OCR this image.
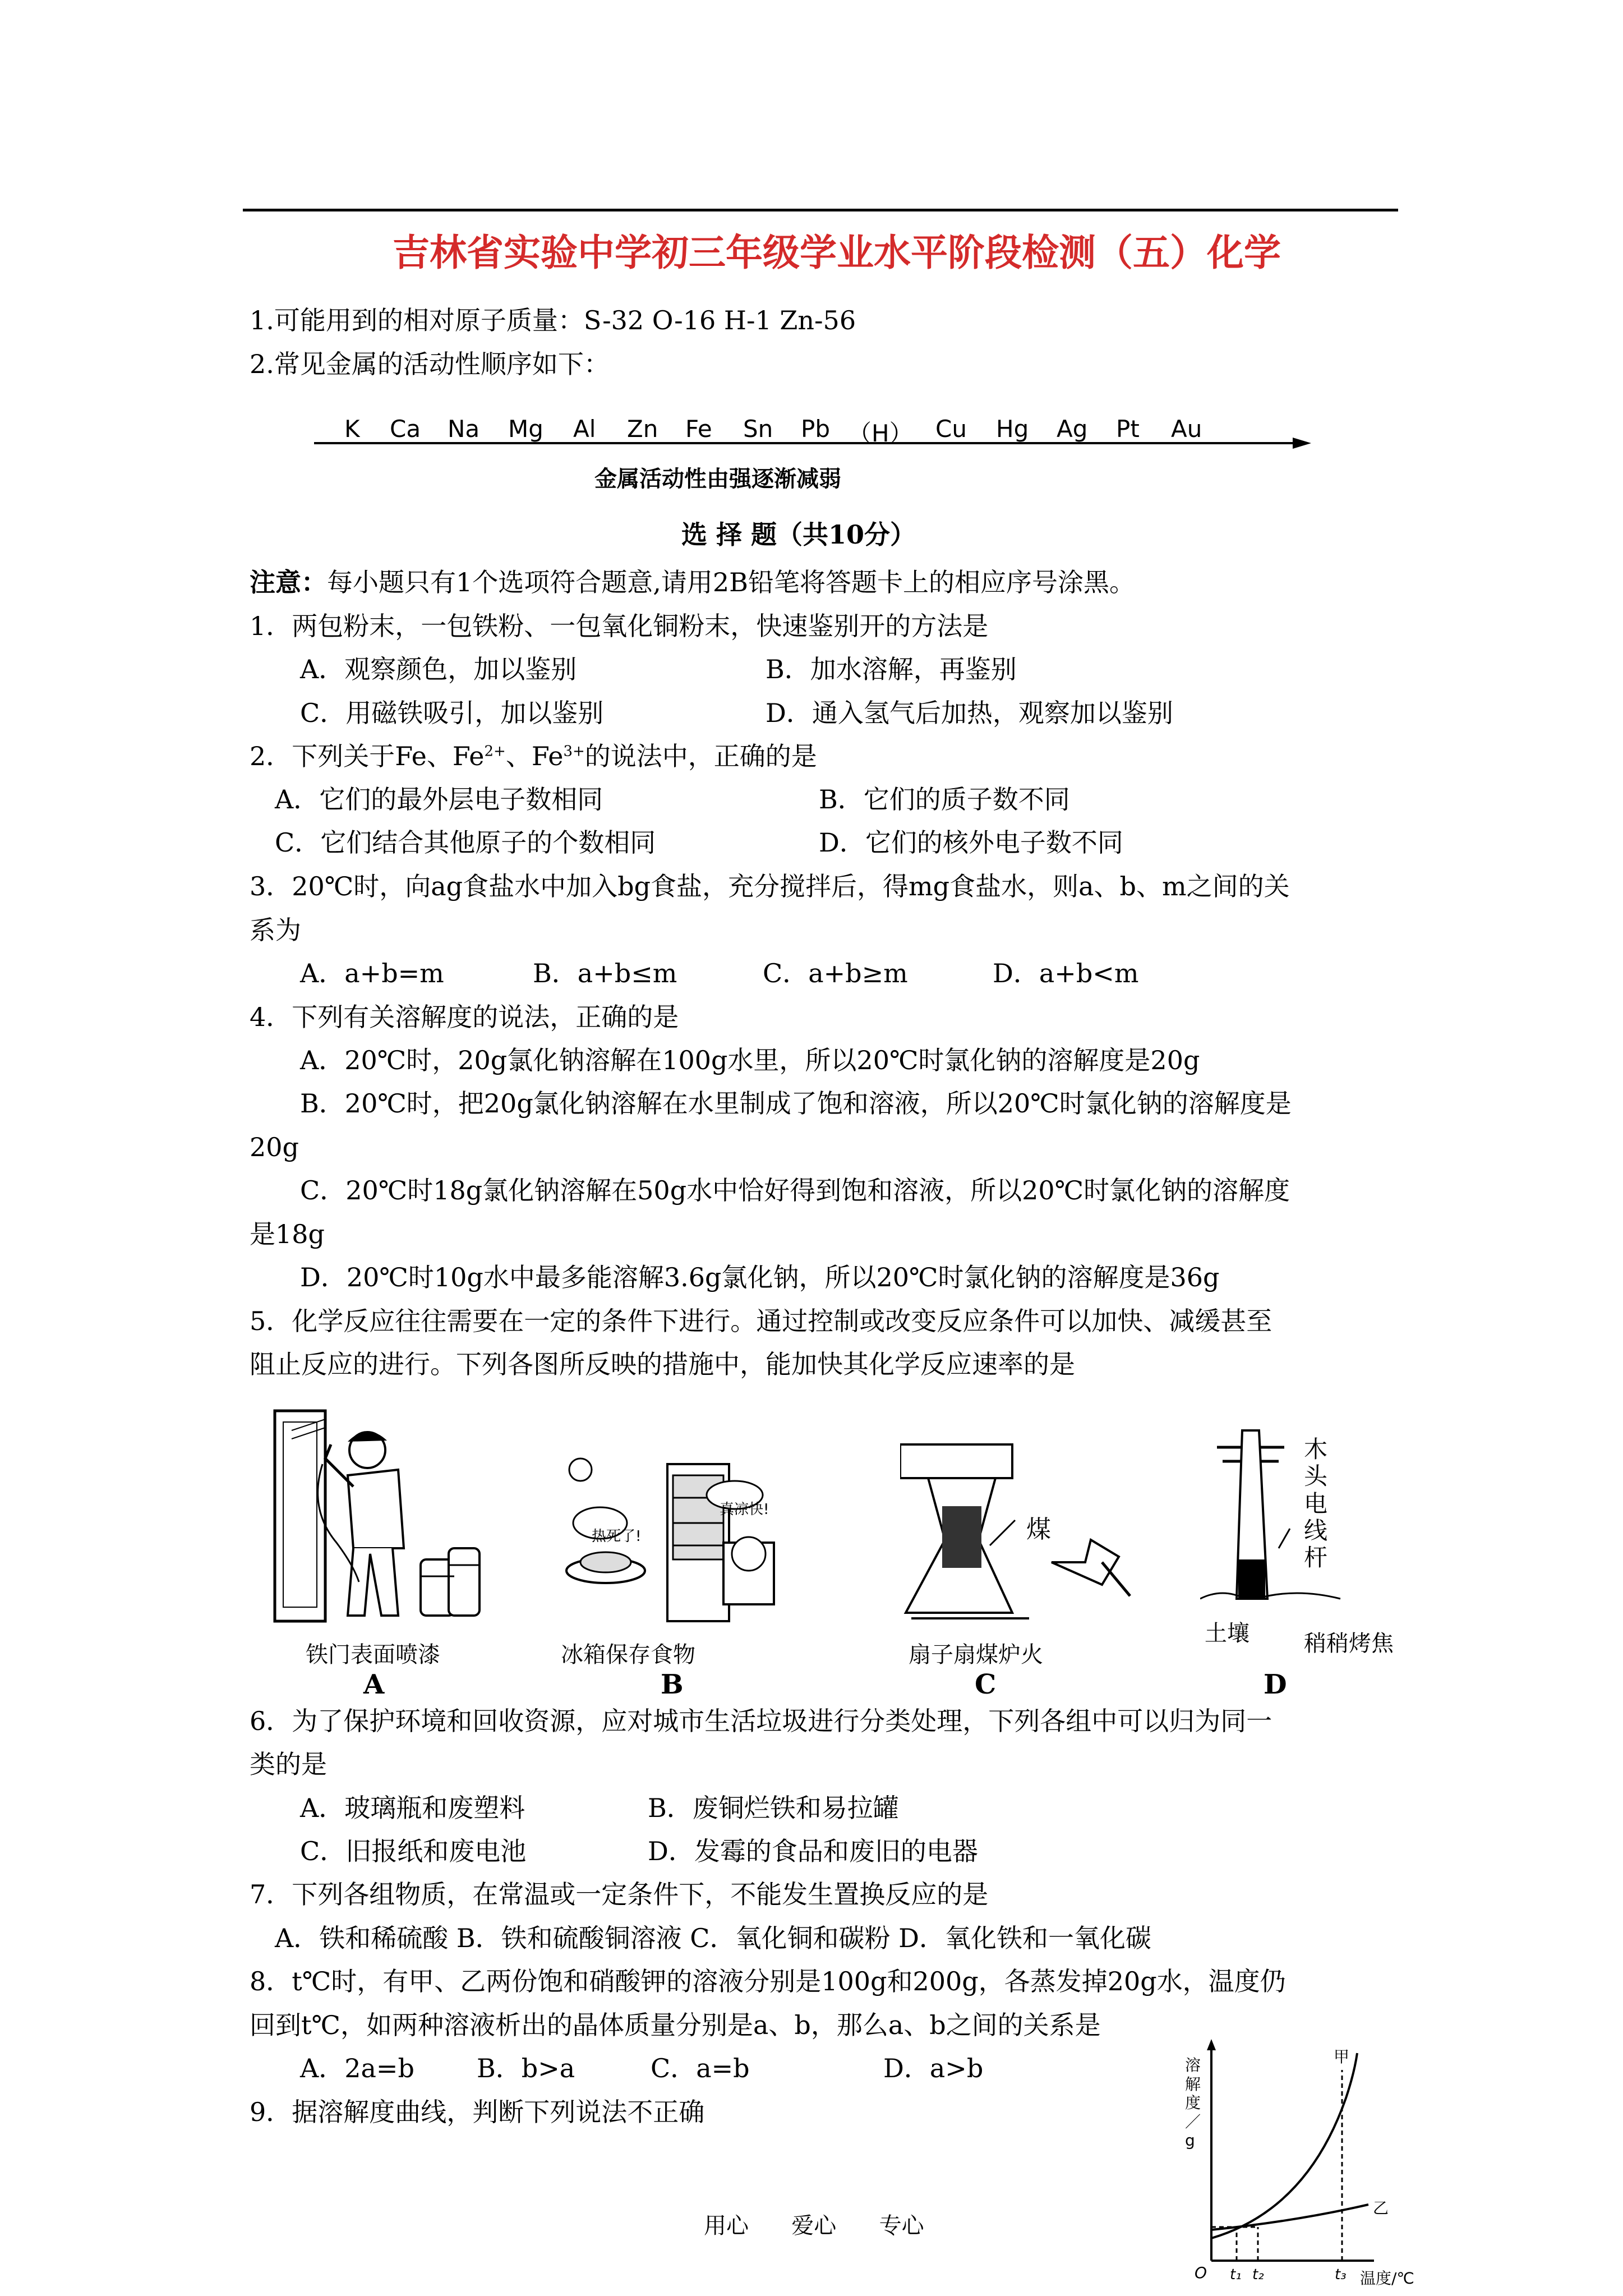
吉林省实验中学初三年级学业水平阶段检测（五）化学
1.可能用到的相对原子质量：S-32 O-16 H-1 Zn-56
2.常见金属的活动性顺序如下：
K Ca Na Mg Al Zn Fe Sn Pb （H） Cu Hg Ag Pt Au
金属活动性由强逐渐减弱
选 择 题（共10分）
注意：每小题只有1个选项符合题意,请用2B铅笔将答题卡上的相应序号涂黑。
1．两包粉末，一包铁粉、一包氧化铜粉末，快速鉴别开的方法是
A．观察颜色，加以鉴别	B．加水溶解，再鉴别
C．用磁铁吸引，加以鉴别	D．通入氢气后加热，观察加以鉴别
2．下列关于Fe、$Fe^{2+}$、$Fe^{3+}$的说法中，正确的是
A．它们的最外层电子数相同	B．它们的质子数不同
C．它们结合其他原子的个数相同	D．它们的核外电子数不同
3．20℃时，向ag食盐水中加入bg食盐，充分搅拌后，得mg食盐水，则a、b、m之间的关
系为
A．a+b=m	B．a+b≤m	C．a+b≥m	D．a+b<m
4．下列有关溶解度的说法，正确的是
A．20℃时，20g氯化钠溶解在100g水里，所以20℃时氯化钠的溶解度是20g
B．20℃时，把20g氯化钠溶解在水里制成了饱和溶液，所以20℃时氯化钠的溶解度是
20g
C．20℃时18g氯化钠溶解在50g水中恰好得到饱和溶液，所以20℃时氯化钠的溶解度
是18g
D．20℃时10g水中最多能溶解3.6g氯化钠，所以20℃时氯化钠的溶解度是36g
5．化学反应往往需要在一定的条件下进行。通过控制或改变反应条件可以加快、减缓甚至
阻止反应的进行。下列各图所反映的措施中，能加快其化学反应速率的是
铁门表面喷漆
A
热死了!
真凉快!
冰箱保存食物
B
煤
扇子扇煤炉火
C
木
头
电
线
杆
土壤 稍稍烤焦
D
6．为了保护环境和回收资源，应对城市生活垃圾进行分类处理，下列各组中可以归为同一
类的是
A．玻璃瓶和废塑料	B．废铜烂铁和易拉罐
C．旧报纸和废电池	D．发霉的食品和废旧的电器
7．下列各组物质，在常温或一定条件下，不能发生置换反应的是
A．铁和稀硫酸 B．铁和硫酸铜溶液 C．氧化铜和碳粉 D．氧化铁和一氧化碳
8．t℃时，有甲、乙两份饱和硝酸钾的溶液分别是100g和200g，各蒸发掉20g水，温度仍
回到t℃，如两种溶液析出的晶体质量分别是a、b，那么a、b之间的关系是
A．2a=b B．b>a	C．a=b	D．a>b
9．据溶解度曲线，判断下列说法不正确
溶
解
度
／
g
甲
乙
O t₁ t₂	t₃ 温度/℃
用心      爱心      专心
